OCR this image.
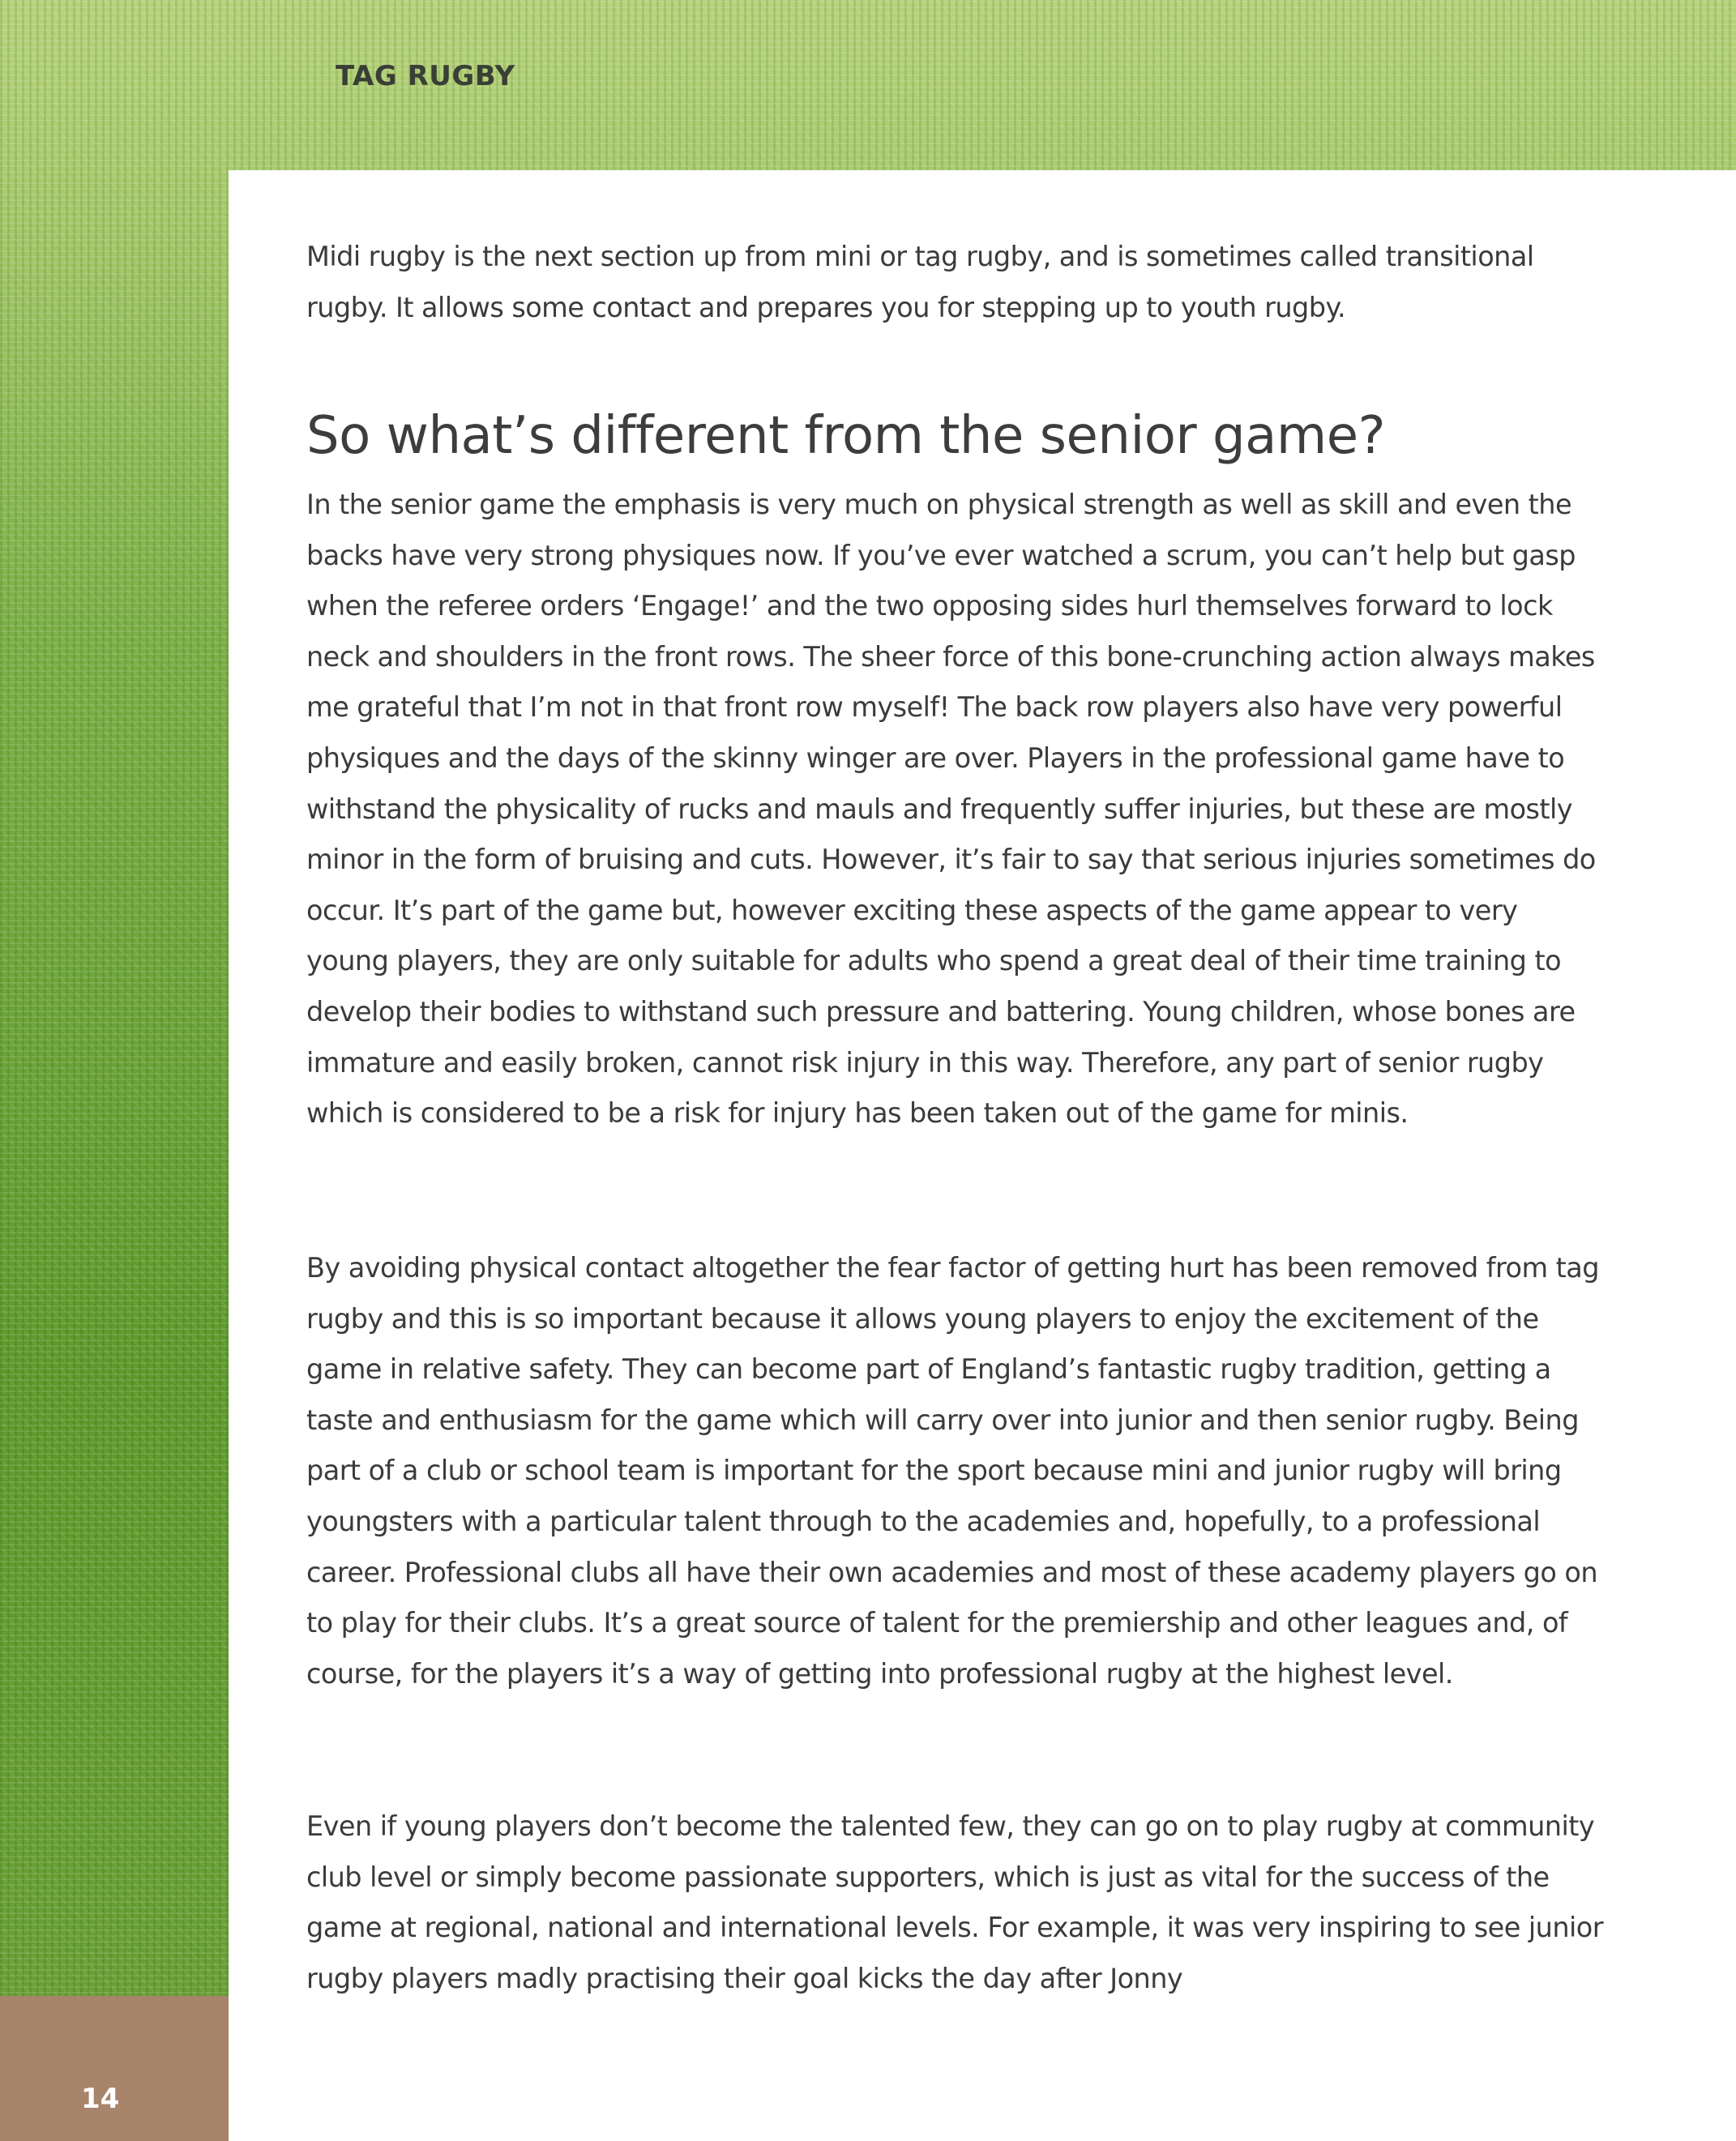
TAG RUGBY

Midi rugby is the next section up from mini or tag rugby, and is sometimes called transitional rugby. It allows some contact and prepares you for stepping up to youth rugby.

So what’s different from the senior game?

In the senior game the emphasis is very much on physical strength as well as skill and even the backs have very strong physiques now. If you’ve ever watched a scrum, you can’t help but gasp when the referee orders ‘Engage!’ and the two opposing sides hurl themselves forward to lock neck and shoulders in the front rows. The sheer force of this bone-crunching action always makes me grateful that I’m not in that front row myself! The back row players also have very powerful physiques and the days of the skinny winger are over. Players in the professional game have to withstand the physicality of rucks and mauls and frequently suffer injuries, but these are mostly minor in the form of bruising and cuts. However, it’s fair to say that serious injuries sometimes do occur. It’s part of the game but, however exciting these aspects of the game appear to very young players, they are only suitable for adults who spend a great deal of their time training to develop their bodies to withstand such pressure and battering. Young children, whose bones are immature and easily broken, cannot risk injury in this way. Therefore, any part of senior rugby which is considered to be a risk for injury has been taken out of the game for minis.

By avoiding physical contact altogether the fear factor of getting hurt has been removed from tag rugby and this is so important because it allows young players to enjoy the excitement of the game in relative safety. They can become part of England’s fantastic rugby tradition, getting a taste and enthusiasm for the game which will carry over into junior and then senior rugby. Being part of a club or school team is important for the sport because mini and junior rugby will bring youngsters with a particular talent through to the academies and, hopefully, to a professional career. Professional clubs all have their own academies and most of these academy players go on to play for their clubs. It’s a great source of talent for the premiership and other leagues and, of course, for the players it’s a way of getting into professional rugby at the highest level.

Even if young players don’t become the talented few, they can go on to play rugby at community club level or simply become passionate supporters, which is just as vital for the success of the game at regional, national and international levels. For example, it was very inspiring to see junior rugby players madly practising their goal kicks the day after Jonny

14
